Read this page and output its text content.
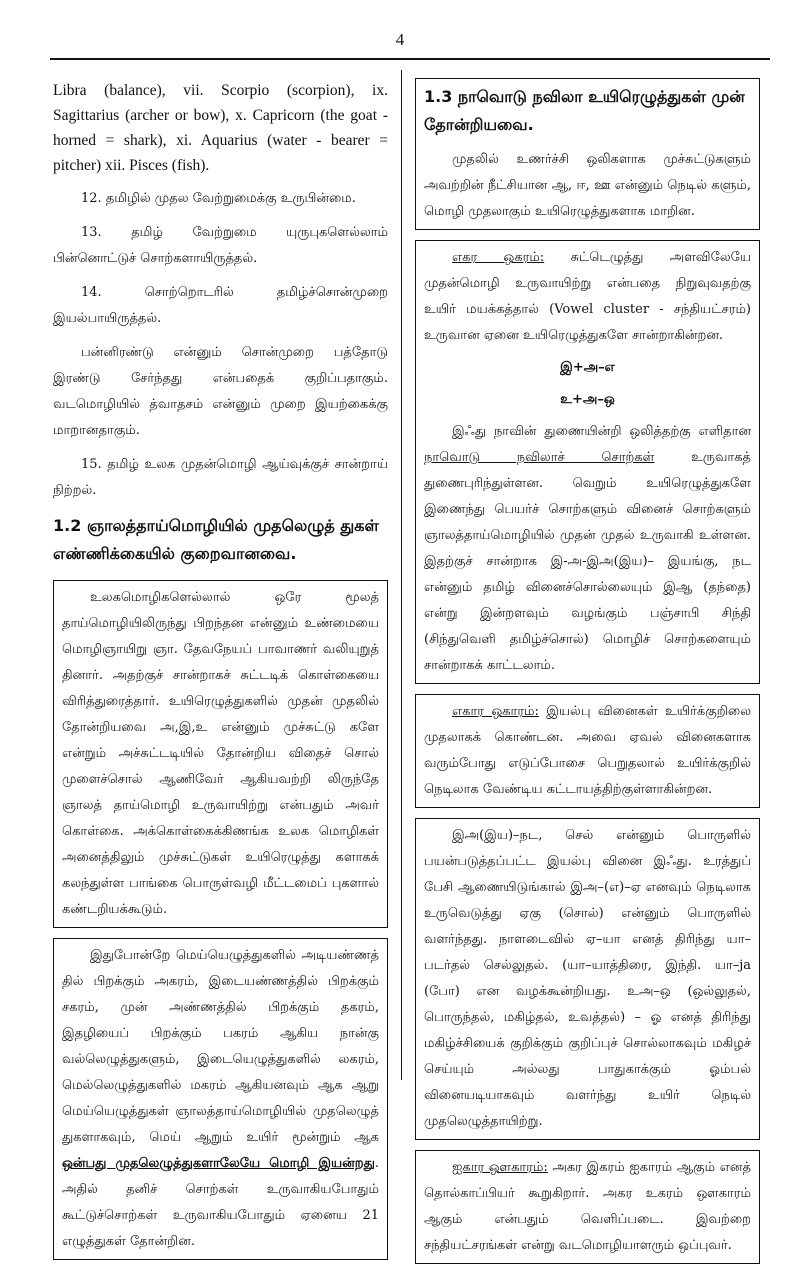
4

Libra (balance), vii. Scorpio (scorpion), ix. Sagittarius (archer or bow), x. Capricorn (the goat - horned = shark), xi. Aquarius (water - bearer = pitcher) xii. Pisces (fish).

12. தமிழில் முதல வேற்றுமைக்கு உருபின்மை.

13. தமிழ் வேற்றுமை யுருபுகளெல்லாம் பின்னொட்டுச் சொற்களாயிருத்தல்.

14. சொற்றொடரில் தமிழ்ச்சொன்முறை இயல்பாயிருத்தல்.

பன்னிரண்டு என்னும் சொன்முறை பத்தோடு இரண்டு சேர்ந்தது என்பதைக் குறிப்பதாகும். வடமொழியில் த்வாதசம் என்னும் முறை இயற்கைக்கு மாறானதாகும்.

15. தமிழ் உலக முதன்மொழி ஆய்வுக்குச் சான்றாய் நிற்றல்.

1.2 ஞாலத்தாய்மொழியில் முதலெழுத் துகள் எண்ணிக்கையில் குறைவானவை.

உலகமொழிகளெல்லால் ஒரே மூலத் தாய்மொழியிலிருந்து பிறந்தன என்னும் உண்மையை மொழிஞாயிறு ஞா. தேவநேயப் பாவாணர் வலியுறுத் தினார். அதற்குச் சான்றாகச் சுட்டடிக் கொள்கையை விரித்துரைத்தார். உயிரெழுத்துகளில் முதன் முதலில் தோன்றியவை அ,இ,உ என்னும் முச்சுட்டு களே என்றும் அச்சுட்டடியில் தோன்றிய விதைச் சொல் முளைச்சொல் ஆணிவேர் ஆகியவற்றி லிருந்தே ஞாலத் தாய்மொழி உருவாயிற்று என்பதும் அவர் கொள்கை. அக்கொள்கைக்கிணங்க உலக மொழிகள் அனைத்திலும் முச்சுட்டுகள் உயிரெழுத்து களாகக் கலந்துள்ள பாங்கை பொருள்வழி மீட்டமைப் புகளால் கண்டறியக்கூடும்.

இதுபோன்றே மெய்யெழுத்துகளில் அடியண்ணத் தில் பிறக்கும் அகரம், இடையண்ணத்தில் பிறக்கும் சகரம், முன் அண்ணத்தில் பிறக்கும் தகரம், இதழியைப் பிறக்கும் பகரம் ஆகிய நான்கு வல்லெழுத்துகளும், இடையெழுத்துகளில் லகரம், மெல்லெழுத்துகளில் மகரம் ஆகியனவும் ஆக ஆறு மெய்யெழுத்துகள் ஞாலத்தாய்மொழியில் முதலெழுத் துகளாகவும், மெய் ஆறும் உயிர் மூன்றும் ஆக ஒன்பது முதலெழுத்துகளாலேயே மொழி இயன்றது. அதில் தனிச் சொற்கள் உருவாகியபோதும் கூட்டுச்சொற்கள் உருவாகியபோதும் ஏனைய 21 எழுத்துகள் தோன்றின.

1.3 நாவொடு நவிலா உயிரெழுத்துகள் முன் தோன்றியவை.

முதலில் உணர்ச்சி ஒலிகளாக முச்சுட்டுகளும் அவற்றின் நீட்சியான ஆ, ஈ, ஊ என்னும் நெடில் களும், மொழி முதலாகும் உயிரெழுத்துகளாக மாறின.

எகர ஒகரம்: சுட்டெழுத்து அளவிலேயே முதன்மொழி உருவாயிற்று என்பதை நிறுவுவதற்கு உயிர் மயக்கத்தால் (Vowel cluster - சந்தியட்சரம்) உருவான ஏனை உயிரெழுத்துகளே சான்றாகின்றன.

இ+அ–எ
உ+அ–ஒ

இஃது நாவின் துணையின்றி ஒலித்தற்கு எளிதான நாவொடு நவிலாச் சொற்கள் உருவாகத் துணைபுரிந்துள்ளன. வெறும் உயிரெழுத்துகளே இணைந்து பெயர்ச் சொற்களும் வினைச் சொற்களும் ஞாலத்தாய்மொழியில் முதன் முதல் உருவாகி உள்ளன. இதற்குச் சான்றாக இ-அ-இஅ(இய)– இயங்கு, நட என்னும் தமிழ் வினைச்சொல்லையும் இஆ (தந்தை) என்று இன்றளவும் வழங்கும் பஞ்சாபி சிந்தி (சிந்துவெளி தமிழ்ச்சொல்) மொழிச் சொற்களையும் சான்றாகக் காட்டலாம்.

எகார ஒகாரம்: இயல்பு வினைகள் உயிர்க்குறிலை முதலாகக் கொண்டன. அவை ஏவல் வினைகளாக வரும்போது எடுப்போசை பெறுதலால் உயிர்க்குறில் நெடிலாக வேண்டிய கட்டாயத்திற்குள்ளாகின்றன.

இஅ(இய)–நட, செல் என்னும் பொருளில் பயன்படுத்தப்பட்ட இயல்பு வினை இஃது. உரத்துப் பேசி ஆணையிடுங்கால் இஅ–(எ)–ஏ எனவும் நெடிலாக உருவெடுத்து ஏகு (சொல்) என்னும் பொருளில் வளர்ந்தது. நாளடைவில் ஏ–யா எனத் திரிந்து யா–படர்தல் செல்லுதல். (யா–யாத்திரை, இந்தி. யா–ja (போ) என வழக்கூன்றியது. உஅ–ஒ (ஒல்லுதல், பொருந்தல், மகிழ்தல், உவத்தல்) – ஓ எனத் திரிந்து மகிழ்ச்சியைக் குறிக்கும் குறிப்புச் சொல்லாகவும் மகிழச் செய்யும் அல்லது பாதுகாக்கும் ஓம்பல் வினையடியாகவும் வளர்ந்து உயிர் நெடில் முதலெழுத்தாயிற்று.

ஐகார ஔகாரம்: அகர இகரம் ஐகாரம் ஆகும் எனத் தொல்காப்பியர் கூறுகிறார். அகர உகரம் ஔகாரம் ஆகும் என்பதும் வெளிப்படை. இவற்றை சந்தியட்சரங்கள் என்று வடமொழியாளரும் ஒப்புவர்.
